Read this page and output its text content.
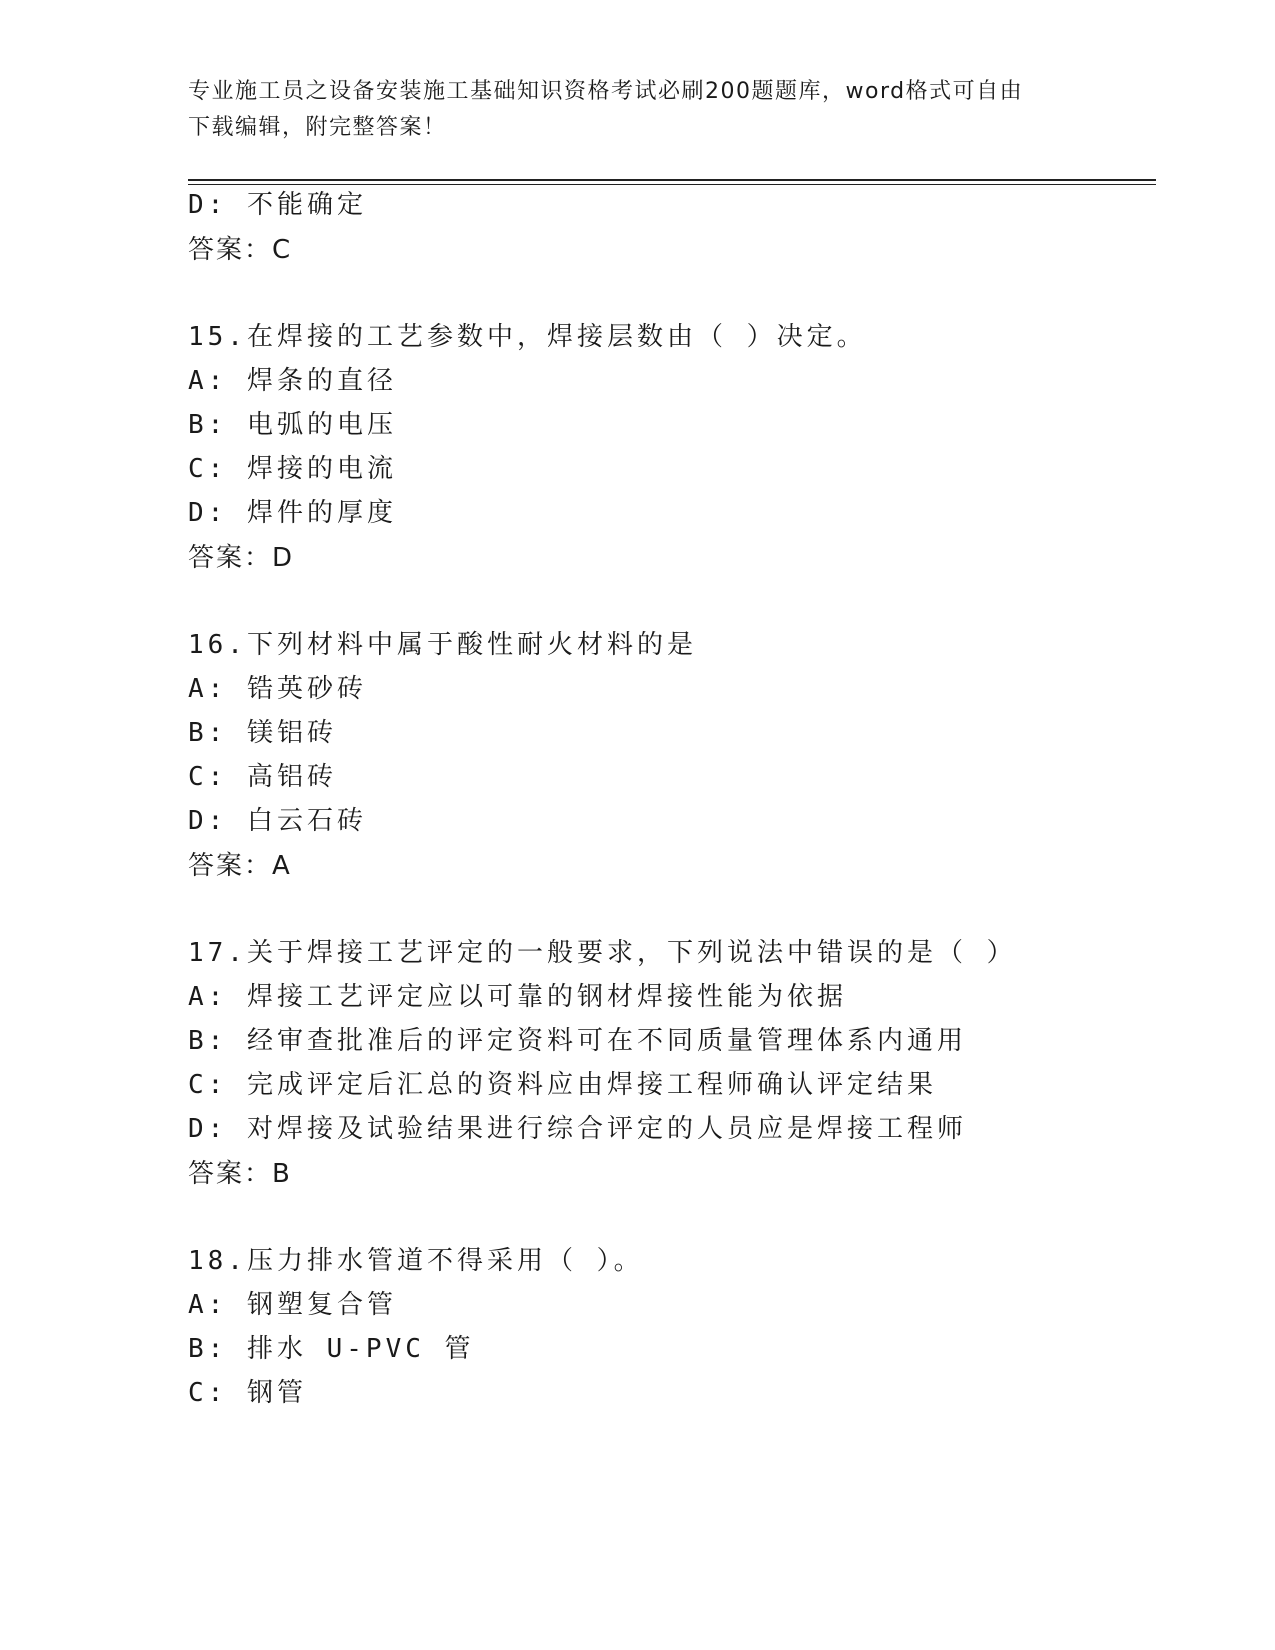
专业施工员之设备安装施工基础知识资格考试必刷200题题库，word格式可自由
下载编辑，附完整答案！
D: 不能确定
答案：C
15.在焊接的工艺参数中，焊接层数由（ ）决定。
A: 焊条的直径
B: 电弧的电压
C: 焊接的电流
D: 焊件的厚度
答案：D
16.下列材料中属于酸性耐火材料的是
A: 锆英砂砖
B: 镁铝砖
C: 高铝砖
D: 白云石砖
答案：A
17.关于焊接工艺评定的一般要求，下列说法中错误的是（ ）
A: 焊接工艺评定应以可靠的钢材焊接性能为依据
B: 经审查批准后的评定资料可在不同质量管理体系内通用
C: 完成评定后汇总的资料应由焊接工程师确认评定结果
D: 对焊接及试验结果进行综合评定的人员应是焊接工程师
答案：B
18.压力排水管道不得采用（ ）。
A: 钢塑复合管
B: 排水 U-PVC 管
C: 钢管
